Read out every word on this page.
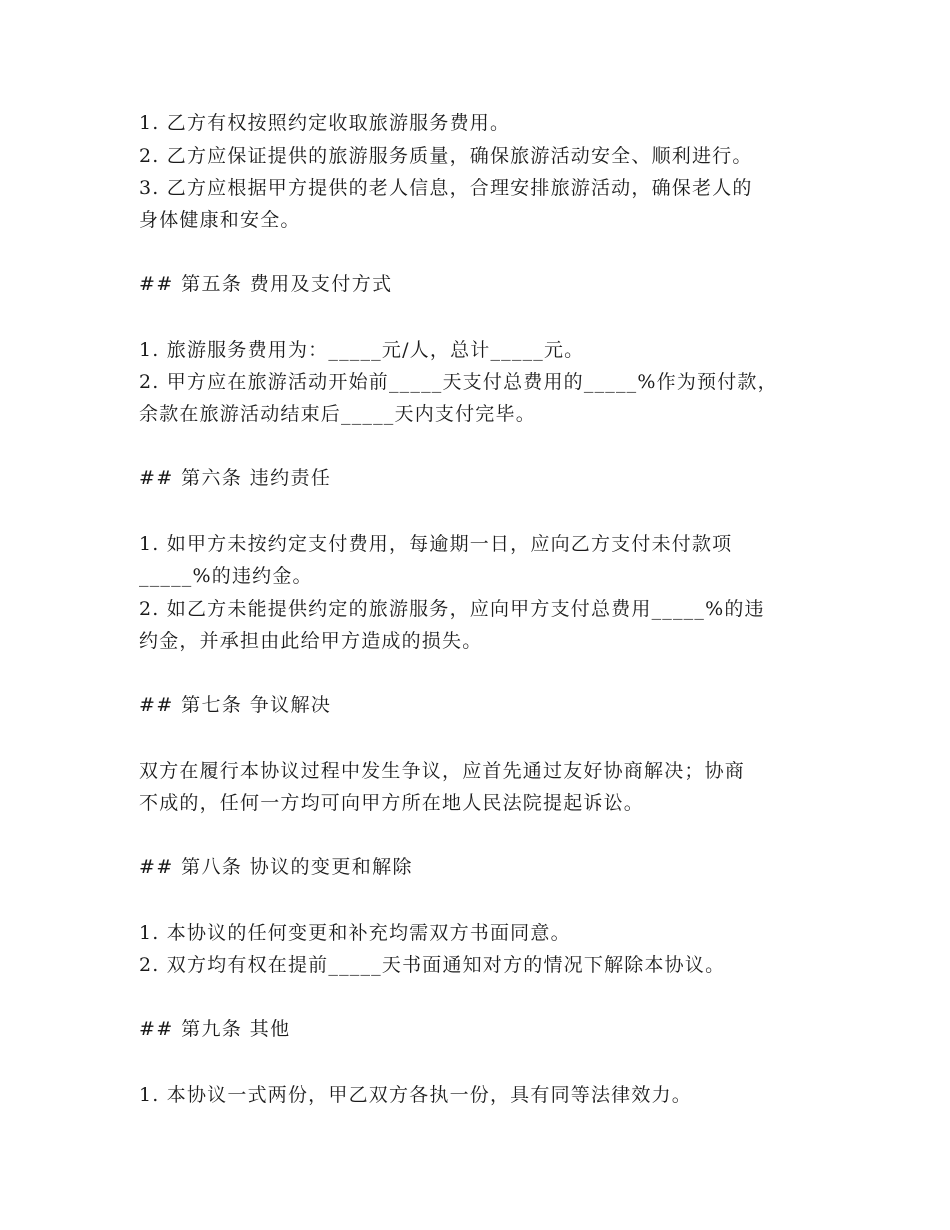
1. 乙方有权按照约定收取旅游服务费用。
2. 乙方应保证提供的旅游服务质量，确保旅游活动安全、顺利进行。
3. 乙方应根据甲方提供的老人信息，合理安排旅游活动，确保老人的
身体健康和安全。
## 第五条 费用及支付方式
1. 旅游服务费用为：_____元/人，总计_____元。
2. 甲方应在旅游活动开始前_____天支付总费用的_____%作为预付款，
余款在旅游活动结束后_____天内支付完毕。
## 第六条 违约责任
1. 如甲方未按约定支付费用，每逾期一日，应向乙方支付未付款项
_____%的违约金。
2. 如乙方未能提供约定的旅游服务，应向甲方支付总费用_____%的违
约金，并承担由此给甲方造成的损失。
## 第七条 争议解决
双方在履行本协议过程中发生争议，应首先通过友好协商解决；协商
不成的，任何一方均可向甲方所在地人民法院提起诉讼。
## 第八条 协议的变更和解除
1. 本协议的任何变更和补充均需双方书面同意。
2. 双方均有权在提前_____天书面通知对方的情况下解除本协议。
## 第九条 其他
1. 本协议一式两份，甲乙双方各执一份，具有同等法律效力。
